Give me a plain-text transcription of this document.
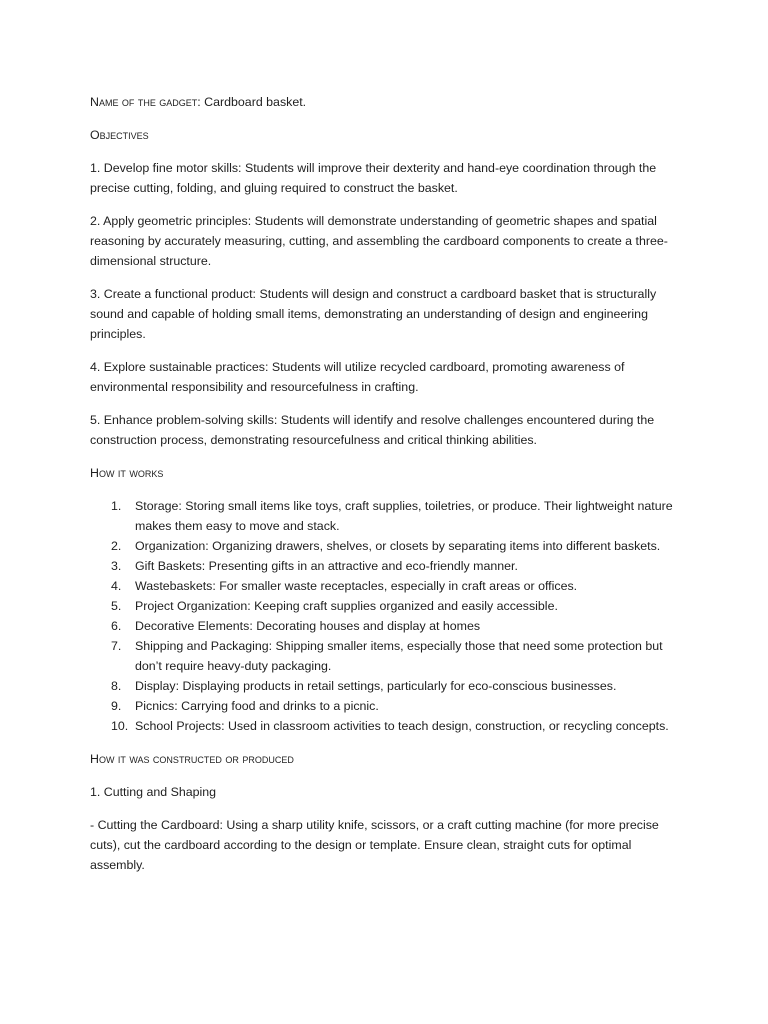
Name of the gadget: Cardboard basket.

Objectives

1. Develop fine motor skills: Students will improve their dexterity and hand-eye coordination through the precise cutting, folding, and gluing required to construct the basket.

2. Apply geometric principles: Students will demonstrate understanding of geometric shapes and spatial reasoning by accurately measuring, cutting, and assembling the cardboard components to create a three-dimensional structure.

3. Create a functional product: Students will design and construct a cardboard basket that is structurally sound and capable of holding small items, demonstrating an understanding of design and engineering principles.

4. Explore sustainable practices: Students will utilize recycled cardboard, promoting awareness of environmental responsibility and resourcefulness in crafting.

5. Enhance problem-solving skills: Students will identify and resolve challenges encountered during the construction process, demonstrating resourcefulness and critical thinking abilities.

How it works

1.	Storage: Storing small items like toys, craft supplies, toiletries, or produce. Their lightweight nature makes them easy to move and stack.
2.	Organization: Organizing drawers, shelves, or closets by separating items into different baskets.
3.	Gift Baskets: Presenting gifts in an attractive and eco-friendly manner.
4.	Wastebaskets: For smaller waste receptacles, especially in craft areas or offices.
5.	Project Organization: Keeping craft supplies organized and easily accessible.
6.	Decorative Elements: Decorating houses and display at homes
7.	Shipping and Packaging: Shipping smaller items, especially those that need some protection but don’t require heavy-duty packaging.
8.	Display: Displaying products in retail settings, particularly for eco-conscious businesses.
9.	Picnics: Carrying food and drinks to a picnic.
10. School Projects: Used in classroom activities to teach design, construction, or recycling concepts.

How it was constructed or produced

1. Cutting and Shaping

- Cutting the Cardboard: Using a sharp utility knife, scissors, or a craft cutting machine (for more precise cuts), cut the cardboard according to the design or template. Ensure clean, straight cuts for optimal assembly.
